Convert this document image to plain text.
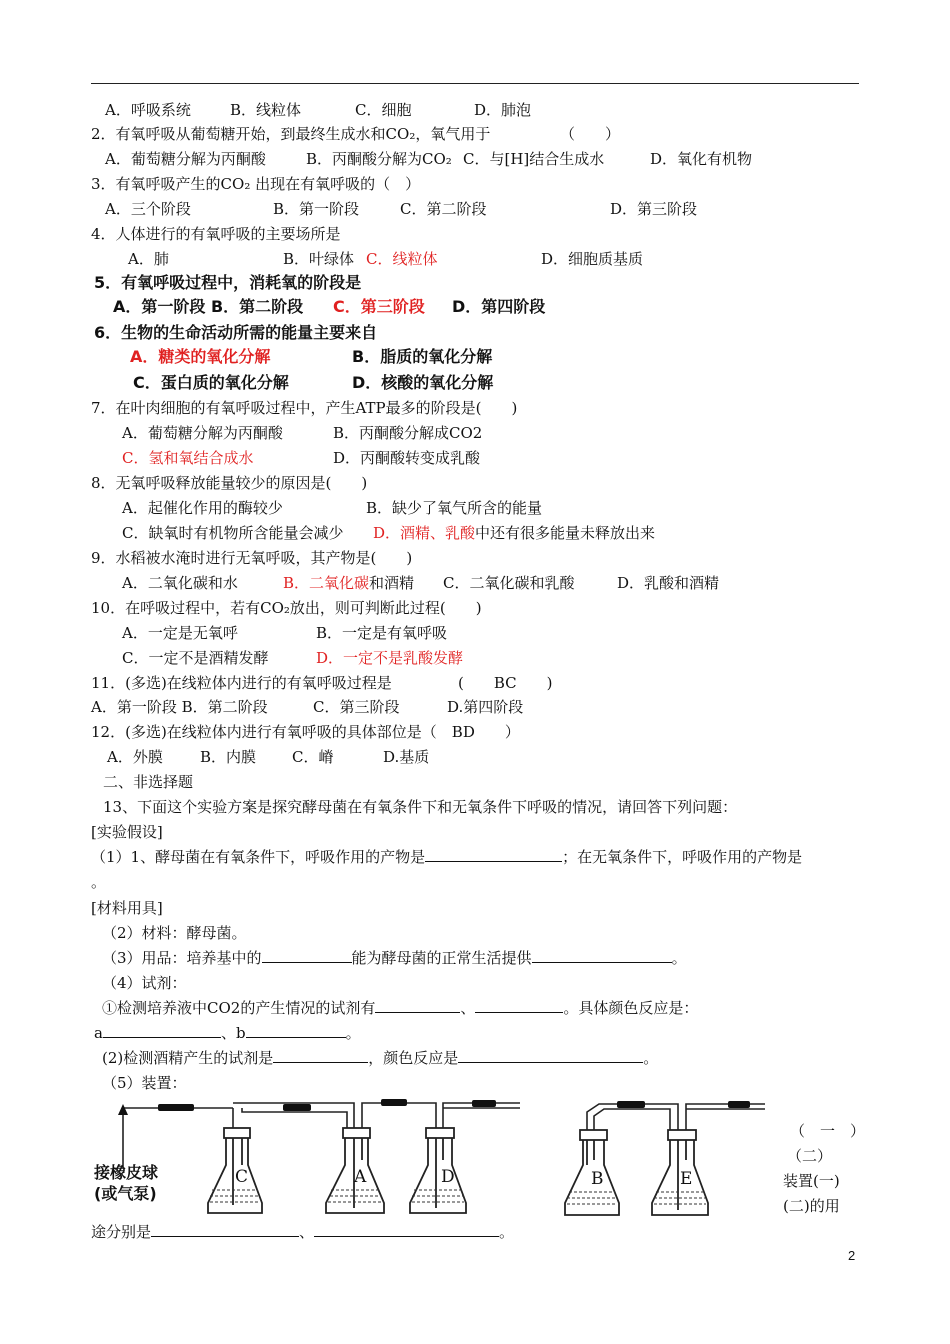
A．呼吸系统	B．线粒体	C．细胞	D．肺泡
2．有氧呼吸从葡萄糖开始，到最终生成水和CO₂，氧气用于	（　　）
A．葡萄糖分解为丙酮酸	B．丙酮酸分解为CO₂ C．与[H]结合生成水	D．氧化有机物
3．有氧呼吸产生的CO₂ 出现在有氧呼吸的（　）
A．三个阶段	B．第一阶段	C．第二阶段	D．第三阶段
4．人体进行的有氧呼吸的主要场所是
A．肺	B．叶绿体 C．线粒体	D．细胞质基质
5．有氧呼吸过程中，消耗氧的阶段是
A．第一阶段 B．第二阶段 C．第三阶段 D．第四阶段
6．生物的生命活动所需的能量主要来自
A．糖类的氧化分解	B．脂质的氧化分解
C．蛋白质的氧化分解	D．核酸的氧化分解
7．在叶肉细胞的有氧呼吸过程中，产生ATP最多的阶段是(　　)
A．葡萄糖分解为丙酮酸	B．丙酮酸分解成CO2
C．氢和氧结合成水	D．丙酮酸转变成乳酸
8．无氧呼吸释放能量较少的原因是(　　)
A．起催化作用的酶较少	B．缺少了氧气所含的能量
C．缺氧时有机物所含能量会减少 D．酒精、乳酸中还有很多能量未释放出来
9．水稻被水淹时进行无氧呼吸，其产物是(　　)
A．二氧化碳和水	B．二氧化碳和酒精 C．二氧化碳和乳酸	D．乳酸和酒精
10．在呼吸过程中，若有CO₂放出，则可判断此过程(　　)
A．一定是无氧呼	B．一定是有氧呼吸
C．一定不是酒精发酵	D．一定不是乳酸发酵
11．(多选)在线粒体内进行的有氧呼吸过程是	(　　BC　　)
A．第一阶段 B．第二阶段	C．第三阶段	D.第四阶段
12．(多选)在线粒体内进行有氧呼吸的具体部位是（　BD　　）
A．外膜 B．内膜 C．嵴	D.基质
二、非选择题
13、下面这个实验方案是探究酵母菌在有氧条件下和无氧条件下呼吸的情况，请回答下列问题：
[实验假设]
（1）1、酵母菌在有氧条件下，呼吸作用的产物是	；在无氧条件下，呼吸作用的产物是
。
[材料用具]
（2）材料：酵母菌。
（3）用品：培养基中的	能为酵母菌的正常生活提供	。
（4）试剂：
①检测培养液中CO2的产生情况的试剂有	、	。具体颜色反应是：
a	、b	。
(2)检测酒精产生的试剂是	，颜色反应是	。
（5）装置：
C	A	D	B	E
接橡皮球
(或气泵)
（　一　）
（二）
装置(一)
(二)的用
途分别是	、	。
2
